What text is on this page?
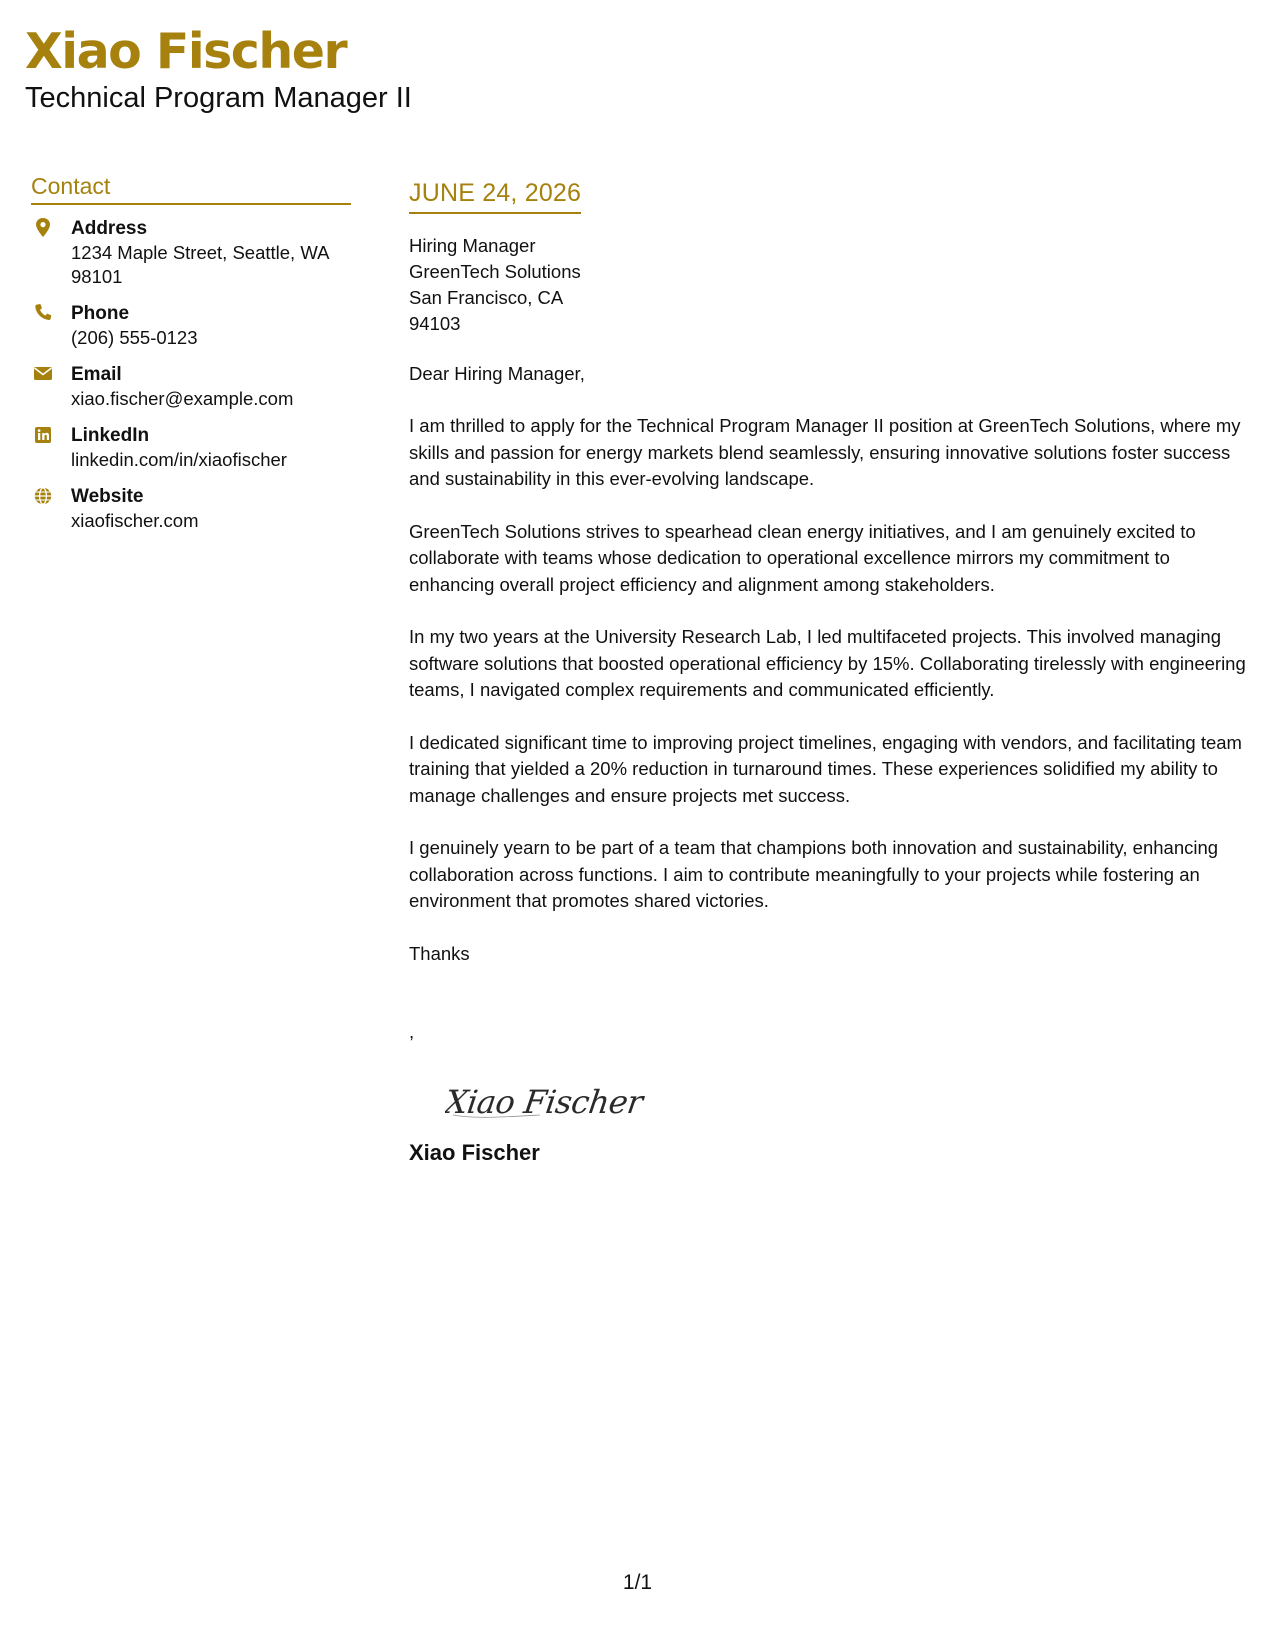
Xiao Fischer
Technical Program Manager II
Contact
Address
1234 Maple Street, Seattle, WA 98101
Phone
(206) 555-0123
Email
xiao.fischer@example.com
LinkedIn
linkedin.com/in/xiaofischer
Website
xiaofischer.com
JUNE 24, 2026
Hiring Manager
GreenTech Solutions
San Francisco, CA
94103
Dear Hiring Manager,

I am thrilled to apply for the Technical Program Manager II position at GreenTech Solutions, where my skills and passion for energy markets blend seamlessly, ensuring innovative solutions foster success and sustainability in this ever-evolving landscape.

GreenTech Solutions strives to spearhead clean energy initiatives, and I am genuinely excited to collaborate with teams whose dedication to operational excellence mirrors my commitment to enhancing overall project efficiency and alignment among stakeholders.

In my two years at the University Research Lab, I led multifaceted projects. This involved managing software solutions that boosted operational efficiency by 15%. Collaborating tirelessly with engineering teams, I navigated complex requirements and communicated efficiently.

I dedicated significant time to improving project timelines, engaging with vendors, and facilitating team training that yielded a 20% reduction in turnaround times. These experiences solidified my ability to manage challenges and ensure projects met success.

I genuinely yearn to be part of a team that champions both innovation and sustainability, enhancing collaboration across functions. I aim to contribute meaningfully to your projects while fostering an environment that promotes shared victories.

Thanks
,
Xiao Fischer
Xiao Fischer
1/1
